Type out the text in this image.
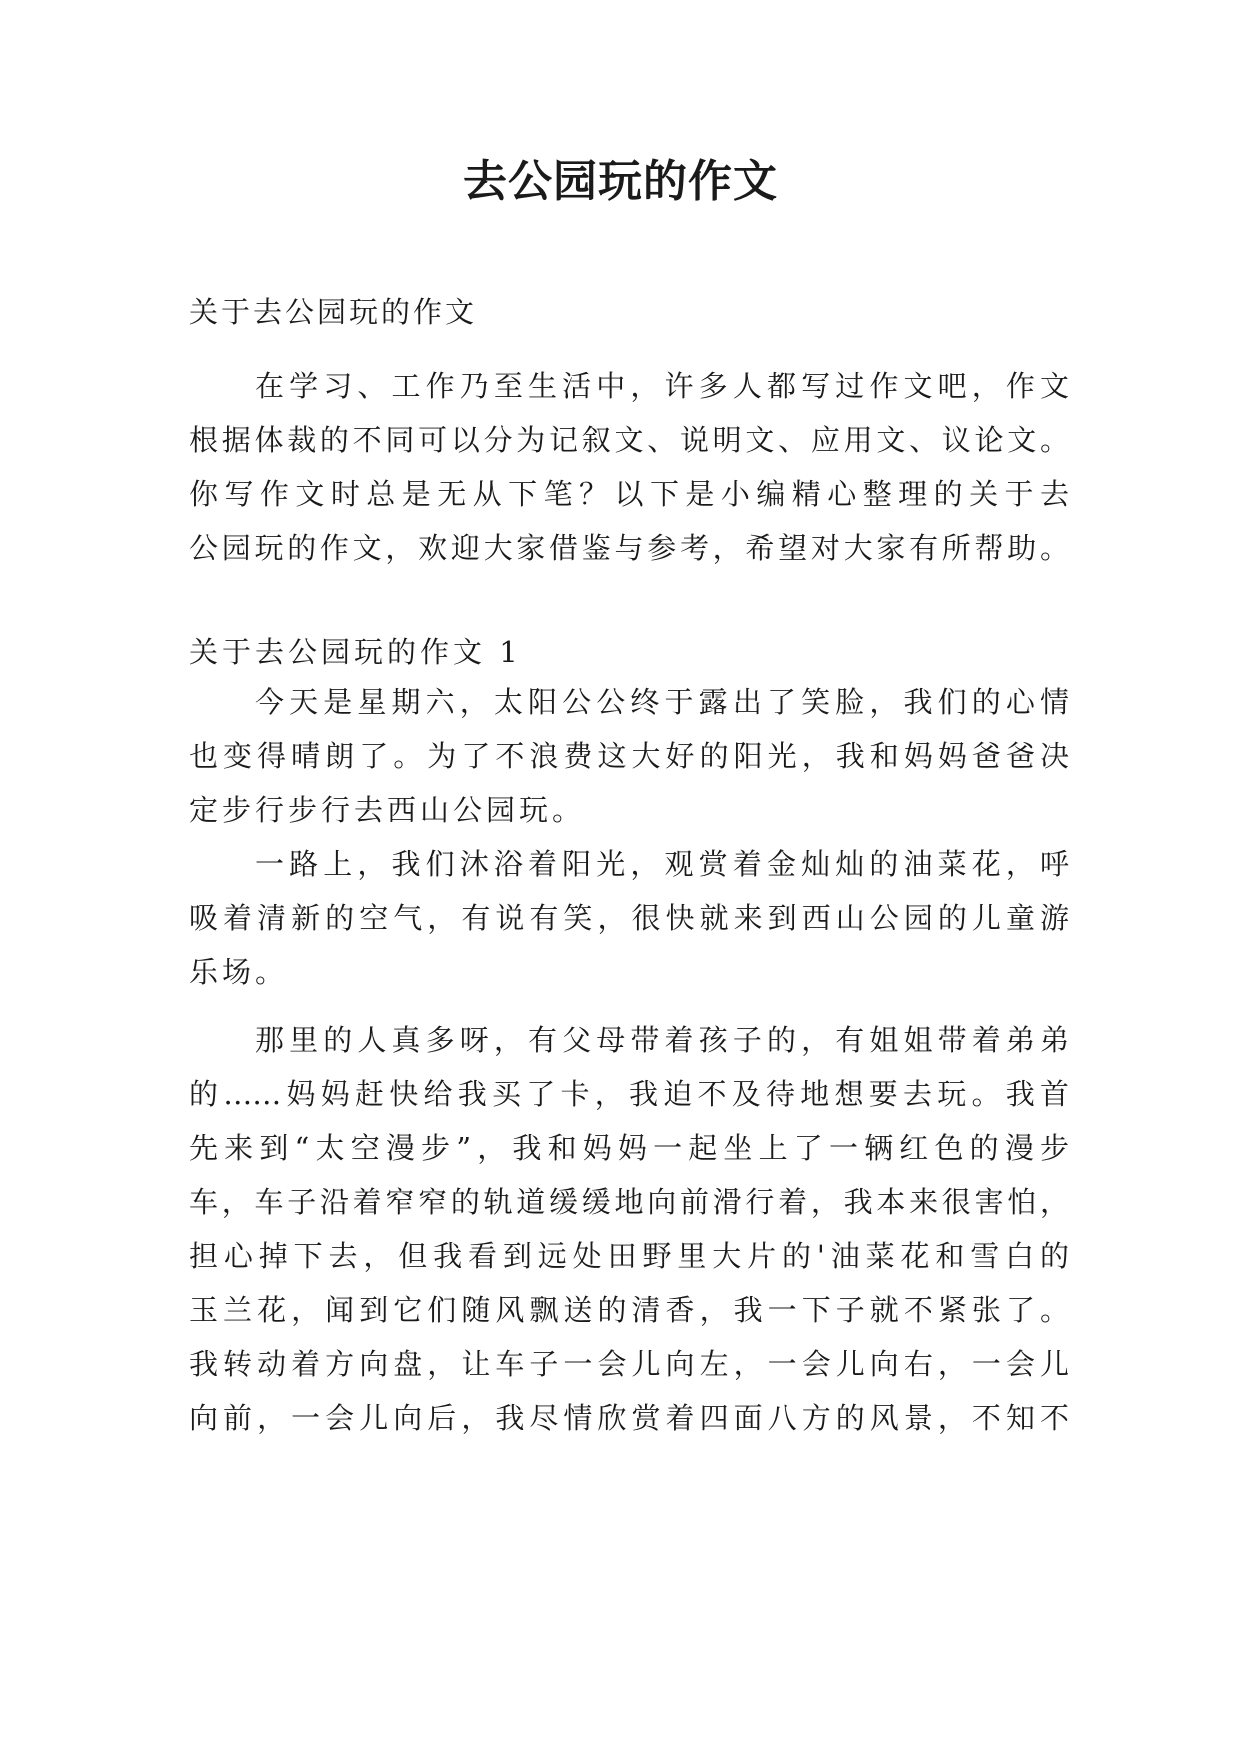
去公园玩的作文

关于去公园玩的作文

在学习、工作乃至生活中，许多人都写过作文吧，作文

根据体裁的不同可以分为记叙文、说明文、应用文、议论文。

你写作文时总是无从下笔？以下是小编精心整理的关于去

公园玩的作文，欢迎大家借鉴与参考，希望对大家有所帮助。

关于去公园玩的作文 1

今天是星期六，太阳公公终于露出了笑脸，我们的心情

也变得晴朗了。为了不浪费这大好的阳光，我和妈妈爸爸决

定步行步行去西山公园玩。

一路上，我们沐浴着阳光，观赏着金灿灿的油菜花，呼

吸着清新的空气，有说有笑，很快就来到西山公园的儿童游

乐场。

那里的人真多呀，有父母带着孩子的，有姐姐带着弟弟

的……妈妈赶快给我买了卡，我迫不及待地想要去玩。我首

先来到“太空漫步”，我和妈妈一起坐上了一辆红色的漫步

车，车子沿着窄窄的轨道缓缓地向前滑行着，我本来很害怕，

担心掉下去，但我看到远处田野里大片的'油菜花和雪白的

玉兰花，闻到它们随风飘送的清香，我一下子就不紧张了。

我转动着方向盘，让车子一会儿向左，一会儿向右，一会儿

向前，一会儿向后，我尽情欣赏着四面八方的风景，不知不
